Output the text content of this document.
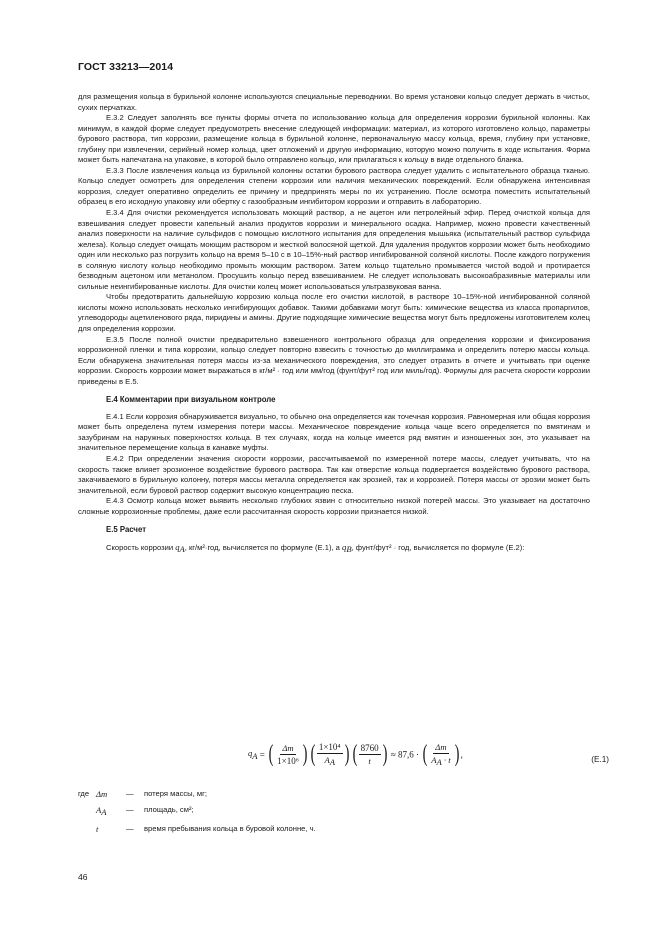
ГОСТ 33213—2014

для размещения кольца в бурильной колонне используются специальные переводники. Во время установки кольцо следует держать в чистых, сухих перчатках.

Е.3.2 Следует заполнять все пункты формы отчета по использованию кольца для определения коррозии бурильной колонны. Как минимум, в каждой форме следует предусмотреть внесение следующей информации: материал, из которого изготовлено кольцо, параметры бурового раствора, тип коррозии, размещение кольца в бурильной колонне, первоначальную массу кольца, время, глубину при установке, глубину при извлечении, серийный номер кольца, цвет отложений и другую информацию, которую можно получить в ходе испытания. Форма может быть напечатана на упаковке, в которой было отправлено кольцо, или прилагаться к кольцу в виде отдельного бланка.

Е.3.3 После извлечения кольца из бурильной колонны остатки бурового раствора следует удалить с испытательного образца тканью. Кольцо следует осмотреть для определения степени коррозии или наличия механических повреждений. Если обнаружена интенсивная коррозия, следует оперативно определить ее причину и предпринять меры по их устранению. После осмотра поместить испытательный образец в его исходную упаковку или обертку с газообразным ингибитором коррозии и отправить в лабораторию.

Е.3.4 Для очистки рекомендуется использовать моющий раствор, а не ацетон или петролейный эфир. Перед очисткой кольца для взвешивания следует провести капельный анализ продуктов коррозии и минерального осадка. Например, можно провести качественный анализ поверхности на наличие сульфидов с помощью кислотного испытания для определения мышьяка (испытательный раствор сульфида железа). Кольцо следует очищать моющим раствором и жесткой волосяной щеткой. Для удаления продуктов коррозии может быть необходимо один или несколько раз погрузить кольцо на время 5–10 с в 10–15%-ный раствор ингибированной соляной кислоты. После каждого погружения в соляную кислоту кольцо необходимо промыть моющим раствором. Затем кольцо тщательно промывается чистой водой и протирается безводным ацетоном или метанолом. Просушить кольцо перед взвешиванием. Не следует использовать высокоабразивные материалы или сильные неингибированные кислоты. Для очистки колец может использоваться ультразвуковая ванна.

Чтобы предотвратить дальнейшую коррозию кольца после его очистки кислотой, в растворе 10–15%-ной ингибированной соляной кислоты можно использовать несколько ингибирующих добавок. Такими добавками могут быть: химические вещества из класса пропаргилов, углеводороды ацетиленового ряда, пиридины и амины. Другие подходящие химические вещества могут быть предложены изготовителем колец для определения коррозии.

Е.3.5 После полной очистки предварительно взвешенного контрольного образца для определения коррозии и фиксирования коррозионной пленки и типа коррозии, кольцо следует повторно взвесить с точностью до миллиграмма и определить потерю массы кольца. Если обнаружена значительная потеря массы из-за механического повреждения, это следует отразить в отчете и учитывать при оценке коррозии. Скорость коррозии может выражаться в кг/м² · год или мм/год (фунт/фут² год или миль/год). Формулы для расчета скорости коррозии приведены в Е.5.

Е.4 Комментарии при визуальном контроле

Е.4.1 Если коррозия обнаруживается визуально, то обычно она определяется как точечная коррозия. Равномерная или общая коррозия может быть определена путем измерения потери массы. Механическое повреждение кольца чаще всего определяется по вмятинам и зазубринам на наружных поверхностях кольца. В тех случаях, когда на кольце имеется ряд вмятин и изношенных зон, это указывает на значительное перемещение кольца в канавке муфты.

Е.4.2 При определении значения скорости коррозии, рассчитываемой по измеренной потере массы, следует учитывать, что на скорость также влияет эрозионное воздействие бурового раствора. Так как отверстие кольца подвергается воздействию бурового раствора, закачиваемого в бурильную колонну, потеря массы металла определяется как эрозией, так и коррозией. Потеря массы от эрозии может быть значительной, если буровой раствор содержит высокую концентрацию песка.

Е.4.3 Осмотр кольца может выявить несколько глубоких язвин с относительно низкой потерей массы. Это указывает на достаточно сложные коррозионные проблемы, даже если рассчитанная скорость коррозии признается низкой.

Е.5 Расчет

Скорость коррозии $q_A$, кг/м²·год, вычисляется по формуле (Е.1), а $q_B$, фунт/фут² · год, вычисляется по формуле (Е.2):

$q_A$ = ( $\frac{\Delta m}{\text{1×10⁶}}$ ) ( $\frac{\text{1×10⁴}}{A_A}$ ) ( $\frac{8760}{t}$ ) ≈ 87,6 · ( $\frac{\Delta m}{A_A \cdot t}$ ) ,	(Е.1)
где Δm	—	потеря массы, мг;
$A_A$	—	площадь, см²;
t	—	время пребывания кольца в буровой колонне, ч.
46
